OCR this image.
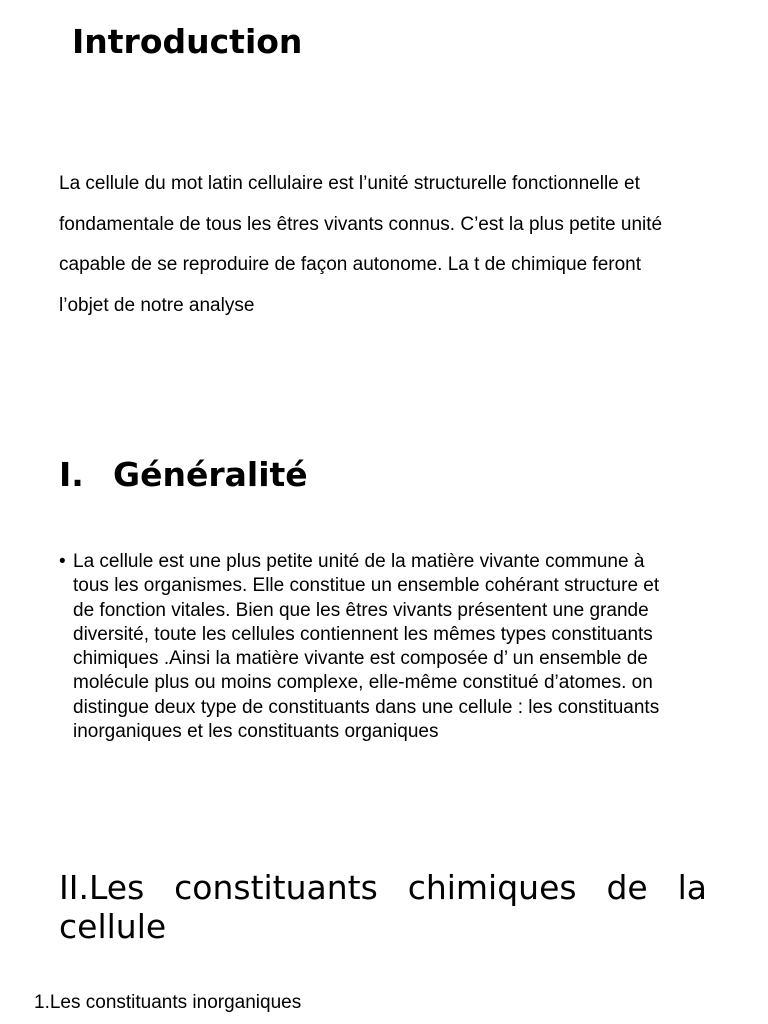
Introduction

La cellule du mot latin cellulaire est l’unité structurelle fonctionnelle et
fondamentale de tous les êtres vivants connus. C’est la plus petite unité
capable de se reproduire de façon autonome. La t de chimique feront
l’objet de notre analyse

I. Généralité
• La cellule est une plus petite unité de la matière vivante commune à
tous les organismes. Elle constitue un ensemble cohérant structure et
de fonction vitales. Bien que les êtres vivants présentent une grande
diversité, toute les cellules contiennent les mêmes types constituants
chimiques .Ainsi la matière vivante est composée d’ un ensemble de
molécule plus ou moins complexe, elle-même constitué d’atomes. on
distingue deux type de constituants dans une cellule : les constituants
inorganiques et les constituants organiques
II.Les constituants chimiques de la
cellule

1.Les constituants inorganiques
